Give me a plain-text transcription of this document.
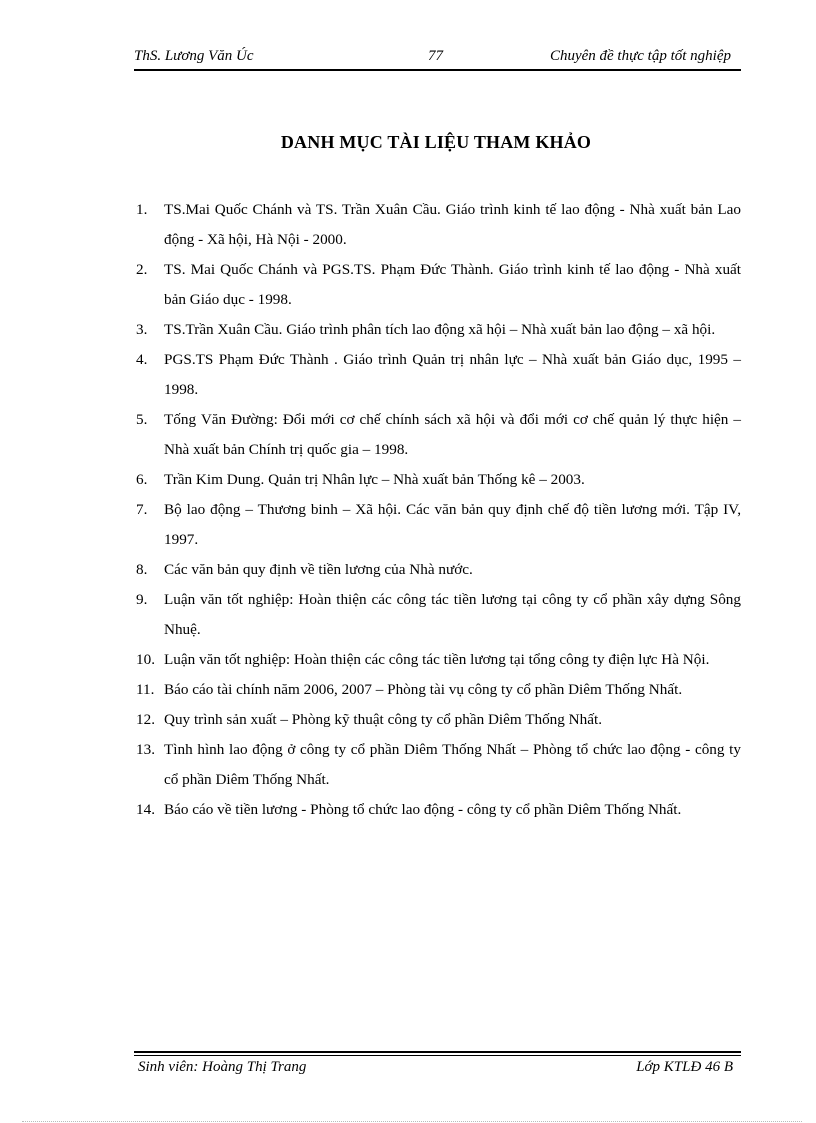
ThS. Lương Văn Úc	77	Chuyên đề thực tập tốt nghiệp
DANH MỤC TÀI LIỆU THAM KHẢO
1. TS.Mai Quốc Chánh và TS. Trần Xuân Cầu. Giáo trình kinh tế lao động - Nhà xuất bản Lao động - Xã hội, Hà Nội - 2000.
2. TS. Mai Quốc Chánh và PGS.TS. Phạm Đức Thành. Giáo trình kinh tế lao động - Nhà xuất bản Giáo dục - 1998.
3. TS.Trần Xuân Cầu. Giáo trình phân tích lao động xã hội – Nhà xuất bản lao động – xã hội.
4. PGS.TS Phạm Đức Thành . Giáo trình Quản trị nhân lực – Nhà xuất bản Giáo dục, 1995 – 1998.
5. Tống Văn Đường: Đổi mới cơ chế chính sách xã hội và đổi mới cơ chế quản lý thực hiện – Nhà xuất bản Chính trị quốc gia – 1998.
6. Trần Kim Dung. Quản trị Nhân lực – Nhà xuất bản Thống kê – 2003.
7. Bộ lao động – Thương binh – Xã hội. Các văn bản quy định chế độ tiền lương mới. Tập IV, 1997.
8. Các văn bản quy định về tiền lương của Nhà nước.
9. Luận văn tốt nghiệp: Hoàn thiện các công tác tiền lương tại công ty cổ phần xây dựng Sông Nhuệ.
10. Luận văn tốt nghiệp: Hoàn thiện các công tác tiền lương tại tổng công ty điện lực Hà Nội.
11. Báo cáo tài chính năm 2006, 2007 – Phòng tài vụ công ty cổ phần Diêm Thống Nhất.
12. Quy trình sản xuất – Phòng kỹ thuật công ty cổ phần Diêm Thống Nhất.
13. Tình hình lao động ở công ty cổ phần Diêm Thống Nhất – Phòng tổ chức lao động - công ty cổ phần Diêm Thống Nhất.
14. Báo cáo về tiền lương - Phòng tổ chức lao động - công ty cổ phần Diêm Thống Nhất.
Sinh viên: Hoàng Thị Trang	Lớp KTLĐ 46 B
